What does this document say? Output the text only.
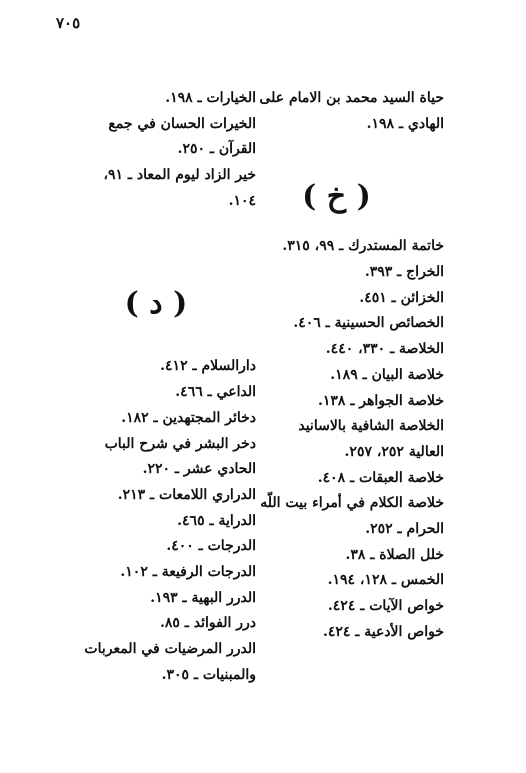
٧٠٥
حياة السيد محمد بن الامام على
الهادي ـ ١٩٨.
( خ )
خاتمة المستدرك ـ ٩٩، ٣١٥.
الخراج ـ ٣٩٣.
الخزائن ـ ٤٥١.
الخصائص الحسينية ـ ٤٠٦.
الخلاصة ـ ٣٣٠، ٤٤٠.
خلاصة البيان ـ ١٨٩.
خلاصة الجواهر ـ ١٣٨.
الخلاصة الشافية بالاسانيد
العالية ٢٥٢، ٢٥٧.
خلاصة العبقات ـ ٤٠٨.
خلاصة الكلام في أمراء بيت اللّه
الحرام ـ ٢٥٢.
خلل الصلاة ـ ٣٨.
الخمس ـ ١٢٨، ١٩٤.
خواص الآيات ـ ٤٢٤.
خواص الأدعية ـ ٤٢٤.
الخيارات ـ ١٩٨.
الخيرات الحسان في جمع
القرآن ـ ٢٥٠.
خير الزاد ليوم المعاد ـ ٩١،
١٠٤.
( د )
دارالسلام ـ ٤١٢.
الداعي ـ ٤٦٦.
دخائر المجتهدين ـ ١٨٢.
دخر البشر في شرح الباب
الحادي عشر ـ ٢٢٠.
الدراري اللامعات ـ ٢١٣.
الدراية ـ ٤٦٥.
الدرجات ـ ٤٠٠.
الدرجات الرفيعة ـ ١٠٢.
الدرر البهية ـ ١٩٣.
درر الفوائد ـ ٨٥.
الدرر المرضيات في المعربات
والمبنيات ـ ٣٠٥.
